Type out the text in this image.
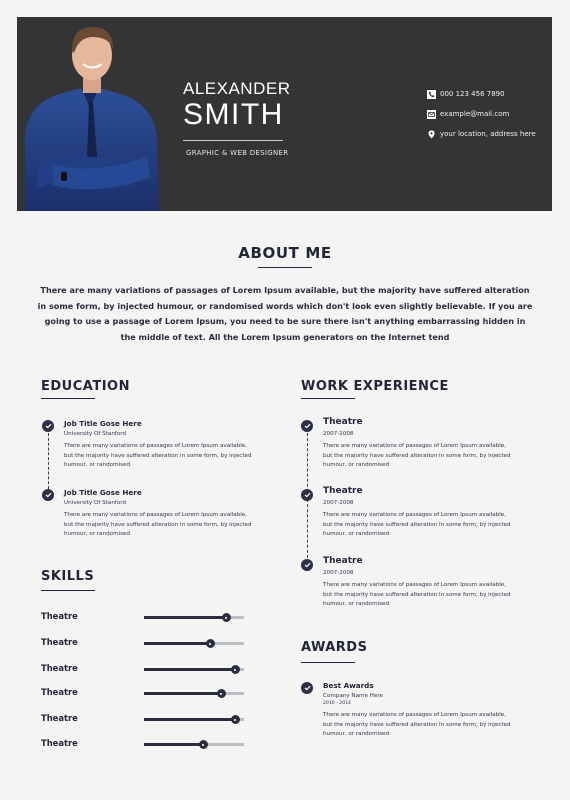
ALEXANDER
SMITH
GRAPHIC & WEB DESIGNER
000 123 456 7890
example@mail.com
your location, address here
ABOUT ME
There are many variations of passages of Lorem Ipsum available, but the majority have suffered alteration in some form, by injected humour, or randomised words which don't look even slightly believable. If you are going to use a passage of Lorem Ipsum, you need to be sure there isn't anything embarrassing hidden in the middle of text. All the Lorem Ipsum generators on the Internet tend
EDUCATION
Job Title Gose Here
University Of Stanford
There are many variations of passages of Lorem Ipsum available, but the majority have suffered alteration in some form, by injected humour, or randomised
Job Title Gose Here
University Of Stanford
There are many variations of passages of Lorem Ipsum available, but the majority have suffered alteration in some form, by injected humour, or randomised
SKILLS
Theatre
Theatre
Theatre
Theatre
Theatre
Theatre
WORK EXPERIENCE
Theatre
2007-2008
There are many variations of passages of Lorem Ipsum available, but the majority have suffered alteration in some form, by injected humour, or randomised
Theatre
2007-2008
There are many variations of passages of Lorem Ipsum available, but the majority have suffered alteration in some form, by injected humour, or randomised
Theatre
2007-2008
There are many variations of passages of Lorem Ipsum available, but the majority have suffered alteration in some form, by injected humour, or randomised
AWARDS
Best Awards
Company Name Here
2010 - 2014
There are many variations of passages of Lorem Ipsum available, but the majority have suffered alteration in some form, by injected humour, or randomised
